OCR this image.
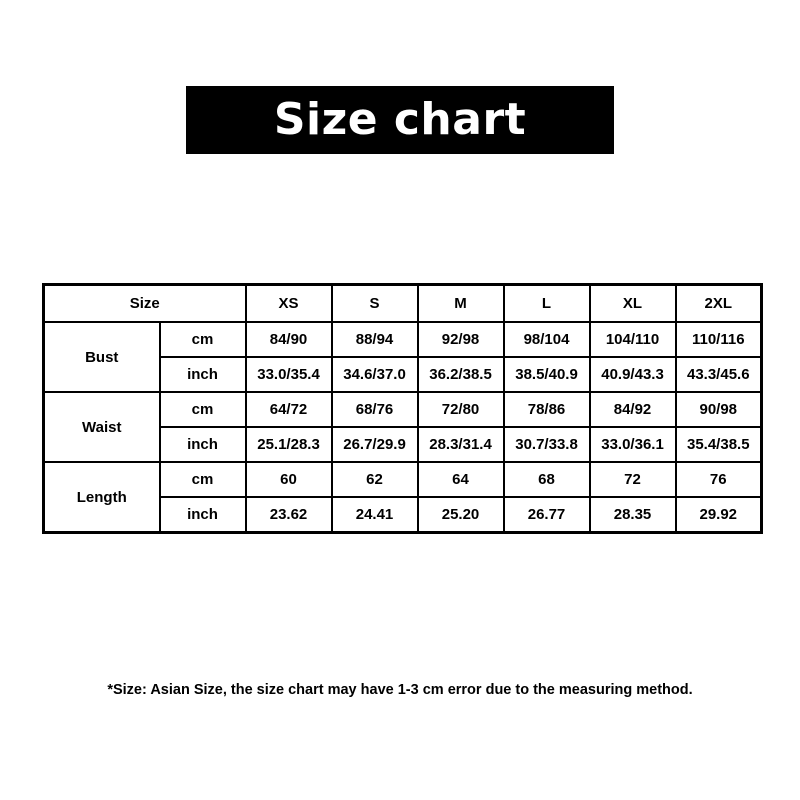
Size chart
Size		XS	S	M	L	XL	2XL
Bust	cm	84/90	88/94	92/98	98/104	104/110	110/116
	inch	33.0/35.4	34.6/37.0	36.2/38.5	38.5/40.9	40.9/43.3	43.3/45.6
Waist	cm	64/72	68/76	72/80	78/86	84/92	90/98
	inch	25.1/28.3	26.7/29.9	28.3/31.4	30.7/33.8	33.0/36.1	35.4/38.5
Length	cm	60	62	64	68	72	76
	inch	23.62	24.41	25.20	26.77	28.35	29.92
*Size: Asian Size, the size chart may have 1-3 cm error due to the measuring method.
